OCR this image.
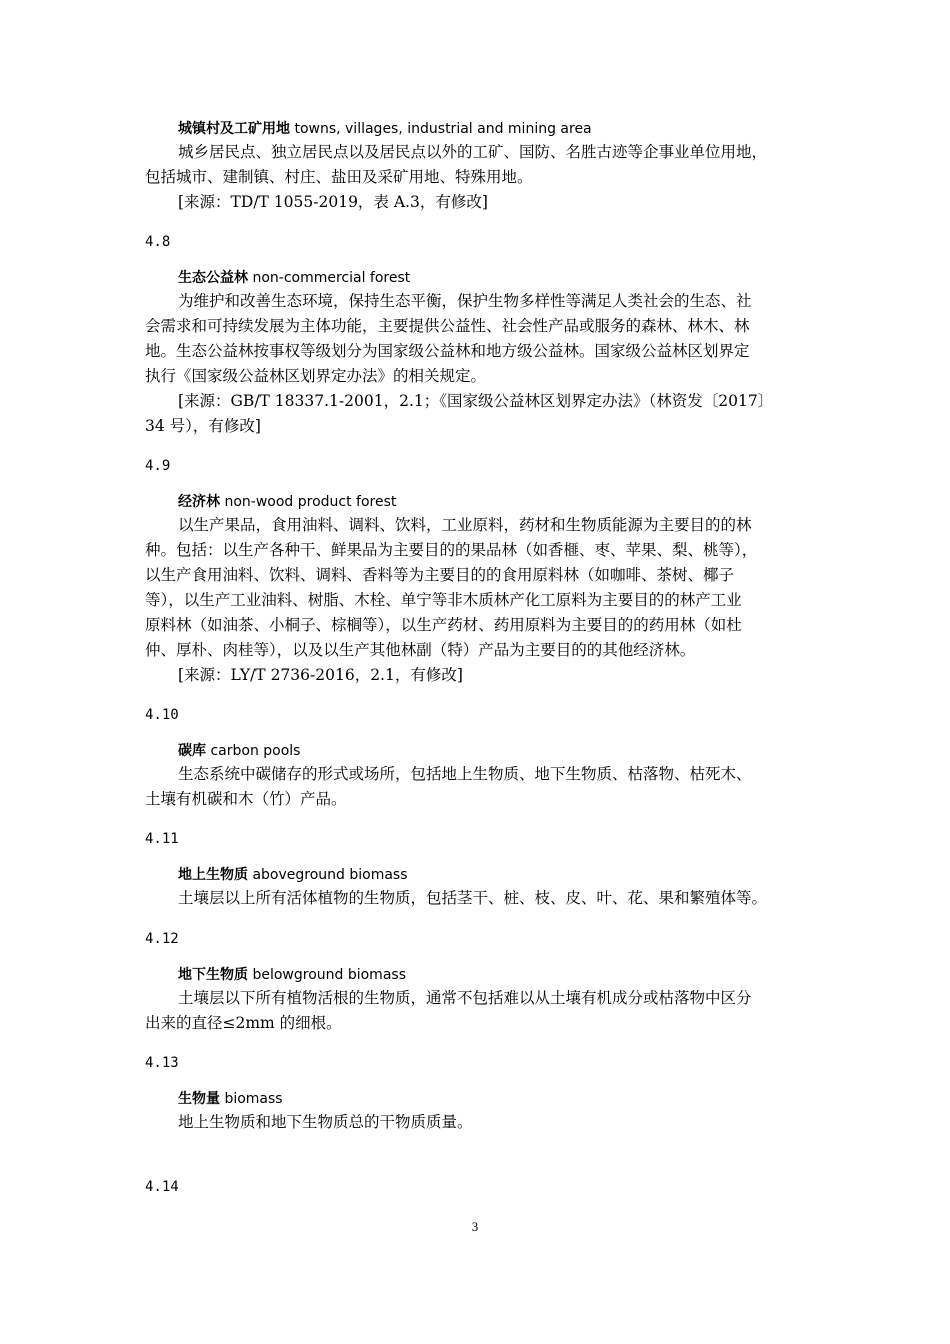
城镇村及工矿用地 towns, villages, industrial and mining area
城乡居民点、独立居民点以及居民点以外的工矿、国防、名胜古迹等企事业单位用地，
包括城市、建制镇、村庄、盐田及采矿用地、特殊用地。
[来源：TD/T 1055-2019，表 A.3，有修改]
4.8
生态公益林 non-commercial forest
为维护和改善生态环境，保持生态平衡，保护生物多样性等满足人类社会的生态、社
会需求和可持续发展为主体功能，主要提供公益性、社会性产品或服务的森林、林木、林
地。生态公益林按事权等级划分为国家级公益林和地方级公益林。国家级公益林区划界定
执行《国家级公益林区划界定办法》的相关规定。
[来源：GB/T 18337.1-2001，2.1；《国家级公益林区划界定办法》（林资发〔2017〕
34 号），有修改]
4.9
经济林 non-wood product forest
以生产果品，食用油料、调料、饮料，工业原料，药材和生物质能源为主要目的的林
种。包括：以生产各种干、鲜果品为主要目的的果品林（如香榧、枣、苹果、梨、桃等），
以生产食用油料、饮料、调料、香料等为主要目的的食用原料林（如咖啡、茶树、椰子
等），以生产工业油料、树脂、木栓、单宁等非木质林产化工原料为主要目的的林产工业
原料林（如油茶、小桐子、棕榈等），以生产药材、药用原料为主要目的的药用林（如杜
仲、厚朴、肉桂等），以及以生产其他林副（特）产品为主要目的的其他经济林。
[来源：LY/T 2736-2016，2.1，有修改]
4.10
碳库 carbon pools
生态系统中碳储存的形式或场所，包括地上生物质、地下生物质、枯落物、枯死木、
土壤有机碳和木（竹）产品。
4.11
地上生物质 aboveground biomass
土壤层以上所有活体植物的生物质，包括茎干、桩、枝、皮、叶、花、果和繁殖体等。
4.12
地下生物质 belowground biomass
土壤层以下所有植物活根的生物质，通常不包括难以从土壤有机成分或枯落物中区分
出来的直径≤2mm 的细根。
4.13
生物量 biomass
地上生物质和地下生物质总的干物质质量。
4.14
3
